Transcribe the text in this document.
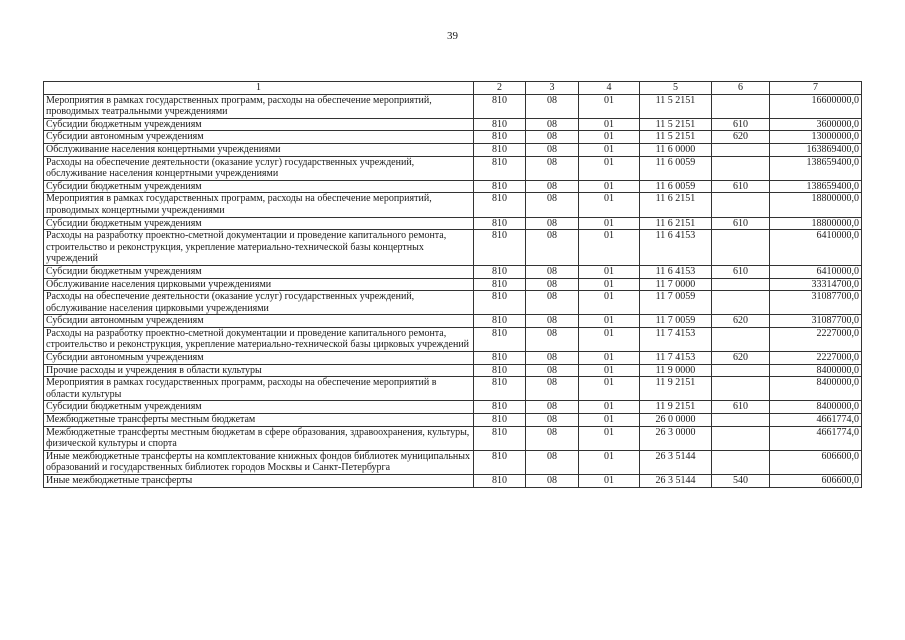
39
1	2	3	4	5	6	7
Мероприятия в рамках государственных программ, расходы на обеспечение мероприятий, проводимых театральными учреждениями	810	08	01	11 5 2151		16600000,0
Субсидии бюджетным учреждениям	810	08	01	11 5 2151	610	3600000,0
Субсидии автономным учреждениям	810	08	01	11 5 2151	620	13000000,0
Обслуживание населения концертными учреждениями	810	08	01	11 6 0000		163869400,0
Расходы на обеспечение деятельности (оказание услуг) государственных учреждений, обслуживание населения концертными учреждениями	810	08	01	11 6 0059		138659400,0
Субсидии бюджетным учреждениям	810	08	01	11 6 0059	610	138659400,0
Мероприятия в рамках государственных программ, расходы на обеспечение мероприятий, проводимых концертными учреждениями	810	08	01	11 6 2151		18800000,0
Субсидии бюджетным учреждениям	810	08	01	11 6 2151	610	18800000,0
Расходы на разработку проектно-сметной документации и проведение капитального ремонта, строительство и реконструкция, укрепление материально-технической базы концертных учреждений	810	08	01	11 6 4153		6410000,0
Субсидии бюджетным учреждениям	810	08	01	11 6 4153	610	6410000,0
Обслуживание населения цирковыми учреждениями	810	08	01	11 7 0000		33314700,0
Расходы на обеспечение деятельности (оказание услуг) государственных учреждений, обслуживание населения цирковыми учреждениями	810	08	01	11 7 0059		31087700,0
Субсидии автономным учреждениям	810	08	01	11 7 0059	620	31087700,0
Расходы на разработку проектно-сметной документации и проведение капитального ремонта, строительство и реконструкция, укрепление материально-технической базы цирковых учреждений	810	08	01	11 7 4153		2227000,0
Субсидии автономным учреждениям	810	08	01	11 7 4153	620	2227000,0
Прочие расходы и учреждения в области культуры	810	08	01	11 9 0000		8400000,0
Мероприятия в рамках государственных программ, расходы на обеспечение мероприятий в области культуры	810	08	01	11 9 2151		8400000,0
Субсидии бюджетным учреждениям	810	08	01	11 9 2151	610	8400000,0
Межбюджетные трансферты местным бюджетам	810	08	01	26 0 0000		4661774,0
Межбюджетные трансферты местным бюджетам в сфере образования, здравоохранения, культуры, физической культуры и спорта	810	08	01	26 3 0000		4661774,0
Иные межбюджетные трансферты на комплектование книжных фондов библиотек муниципальных образований и государственных библиотек городов Москвы и Санкт-Петербурга	810	08	01	26 3 5144		606600,0
Иные межбюджетные трансферты	810	08	01	26 3 5144	540	606600,0
